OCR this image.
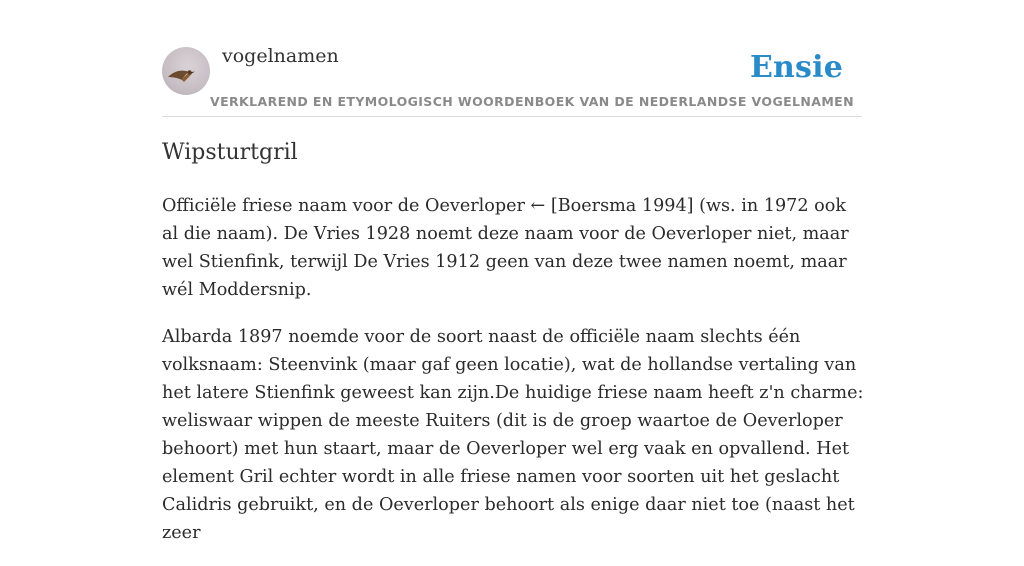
vogelnamen	Ensie
VERKLAREND EN ETYMOLOGISCH WOORDENBOEK VAN DE NEDERLANDSE VOGELNAMEN
Wipsturtgril

Officiële friese naam voor de Oeverloper ← [Boersma 1994] (ws. in 1972 ook al die naam). De Vries 1928 noemt deze naam voor de Oeverloper niet, maar wel Stienfink, terwijl De Vries 1912 geen van deze twee namen noemt, maar wél Moddersnip.

Albarda 1897 noemde voor de soort naast de officiële naam slechts één volksnaam: Steenvink (maar gaf geen locatie), wat de hollandse vertaling van het latere Stienfink geweest kan zijn.De huidige friese naam heeft z'n charme: weliswaar wippen de meeste Ruiters (dit is de groep waartoe de Oeverloper behoort) met hun staart, maar de Oeverloper wel erg vaak en opvallend. Het element Gril echter wordt in alle friese namen voor soorten uit het geslacht Calidris gebruikt, en de Oeverloper behoort als enige daar niet toe (naast het zeer
